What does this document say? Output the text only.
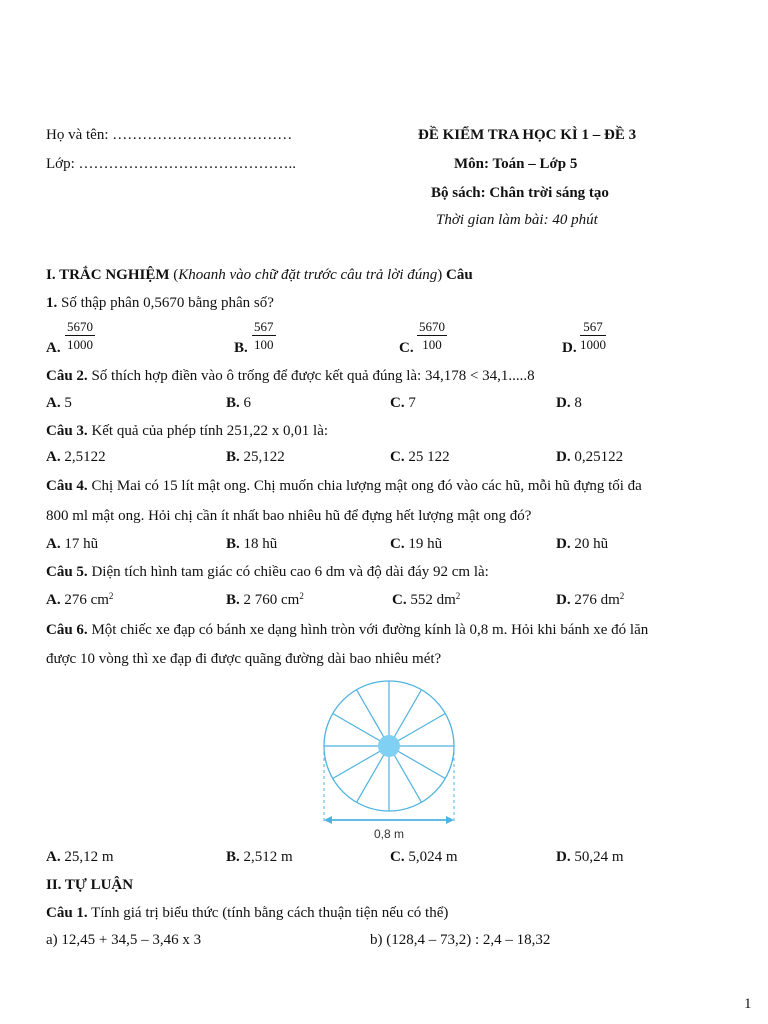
Họ và tên: ………………………………
Lớp: ……………………………………..
ĐỀ KIỂM TRA HỌC KÌ 1 – ĐỀ 3
Môn: Toán – Lớp 5
Bộ sách: Chân trời sáng tạo
Thời gian làm bài: 40 phút
I. TRẮC NGHIỆM (Khoanh vào chữ đặt trước câu trả lời đúng) Câu
1. Số thập phân 0,5670 bằng phân số?
A. $\frac{5670}{1000}$	B. $\frac{567}{100}$	C. $\frac{5670}{100}$	D. $\frac{567}{1000}$
Câu 2. Số thích hợp điền vào ô trống để được kết quả đúng là: 34,178 < 34,1.....8
A. 5	B. 6	C. 7	D. 8
Câu 3. Kết quả của phép tính 251,22 x 0,01 là:
A. 2,5122	B. 25,122	C. 25 122	D. 0,25122
Câu 4. Chị Mai có 15 lít mật ong. Chị muốn chia lượng mật ong đó vào các hũ, mỗi hũ đựng tối đa
800 ml mật ong. Hỏi chị cần ít nhất bao nhiêu hũ để đựng hết lượng mật ong đó?
A. 17 hũ	B. 18 hũ	C. 19 hũ	D. 20 hũ
Câu 5. Diện tích hình tam giác có chiều cao 6 dm và độ dài đáy 92 cm là:
A. 276 $cm^2$	B. 2 760 $cm^2$	C. 552 $dm^2$	D. 276 $dm^2$
Câu 6. Một chiếc xe đạp có bánh xe dạng hình tròn với đường kính là 0,8 m. Hỏi khi bánh xe đó lăn
được 10 vòng thì xe đạp đi được quãng đường dài bao nhiêu mét?
0,8 m
A. 25,12 m	B. 2,512 m	C. 5,024 m	D. 50,24 m
II. TỰ LUẬN
Câu 1. Tính giá trị biểu thức (tính bằng cách thuận tiện nếu có thể)
a) 12,45 + 34,5 – 3,46 x 3	b) (128,4 – 73,2) : 2,4 – 18,32
1
